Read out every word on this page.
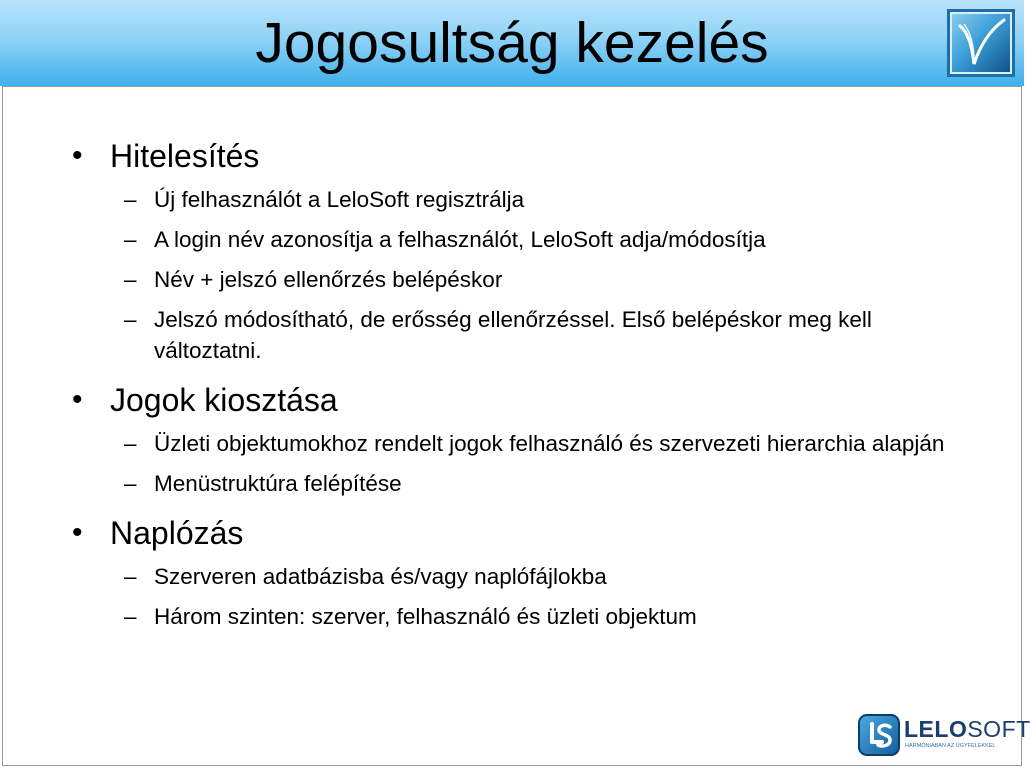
Jogosultság kezelés
• Hitelesítés
– Új felhasználót a LeloSoft regisztrálja
– A login név azonosítja a felhasználót, LeloSoft adja/módosítja
– Név + jelszó ellenőrzés belépéskor
– Jelszó módosítható, de erősség ellenőrzéssel. Első belépéskor meg kell változtatni.
• Jogok kiosztása
– Üzleti objektumokhoz rendelt jogok felhasználó és szervezeti hierarchia alapján
– Menüstruktúra felépítése
• Naplózás
– Szerveren adatbázisba és/vagy naplófájlokba
– Három szinten: szerver, felhasználó és üzleti objektum
LELOSOFT
HARMÓNIÁBAN AZ ÜGYFELEKKEL
